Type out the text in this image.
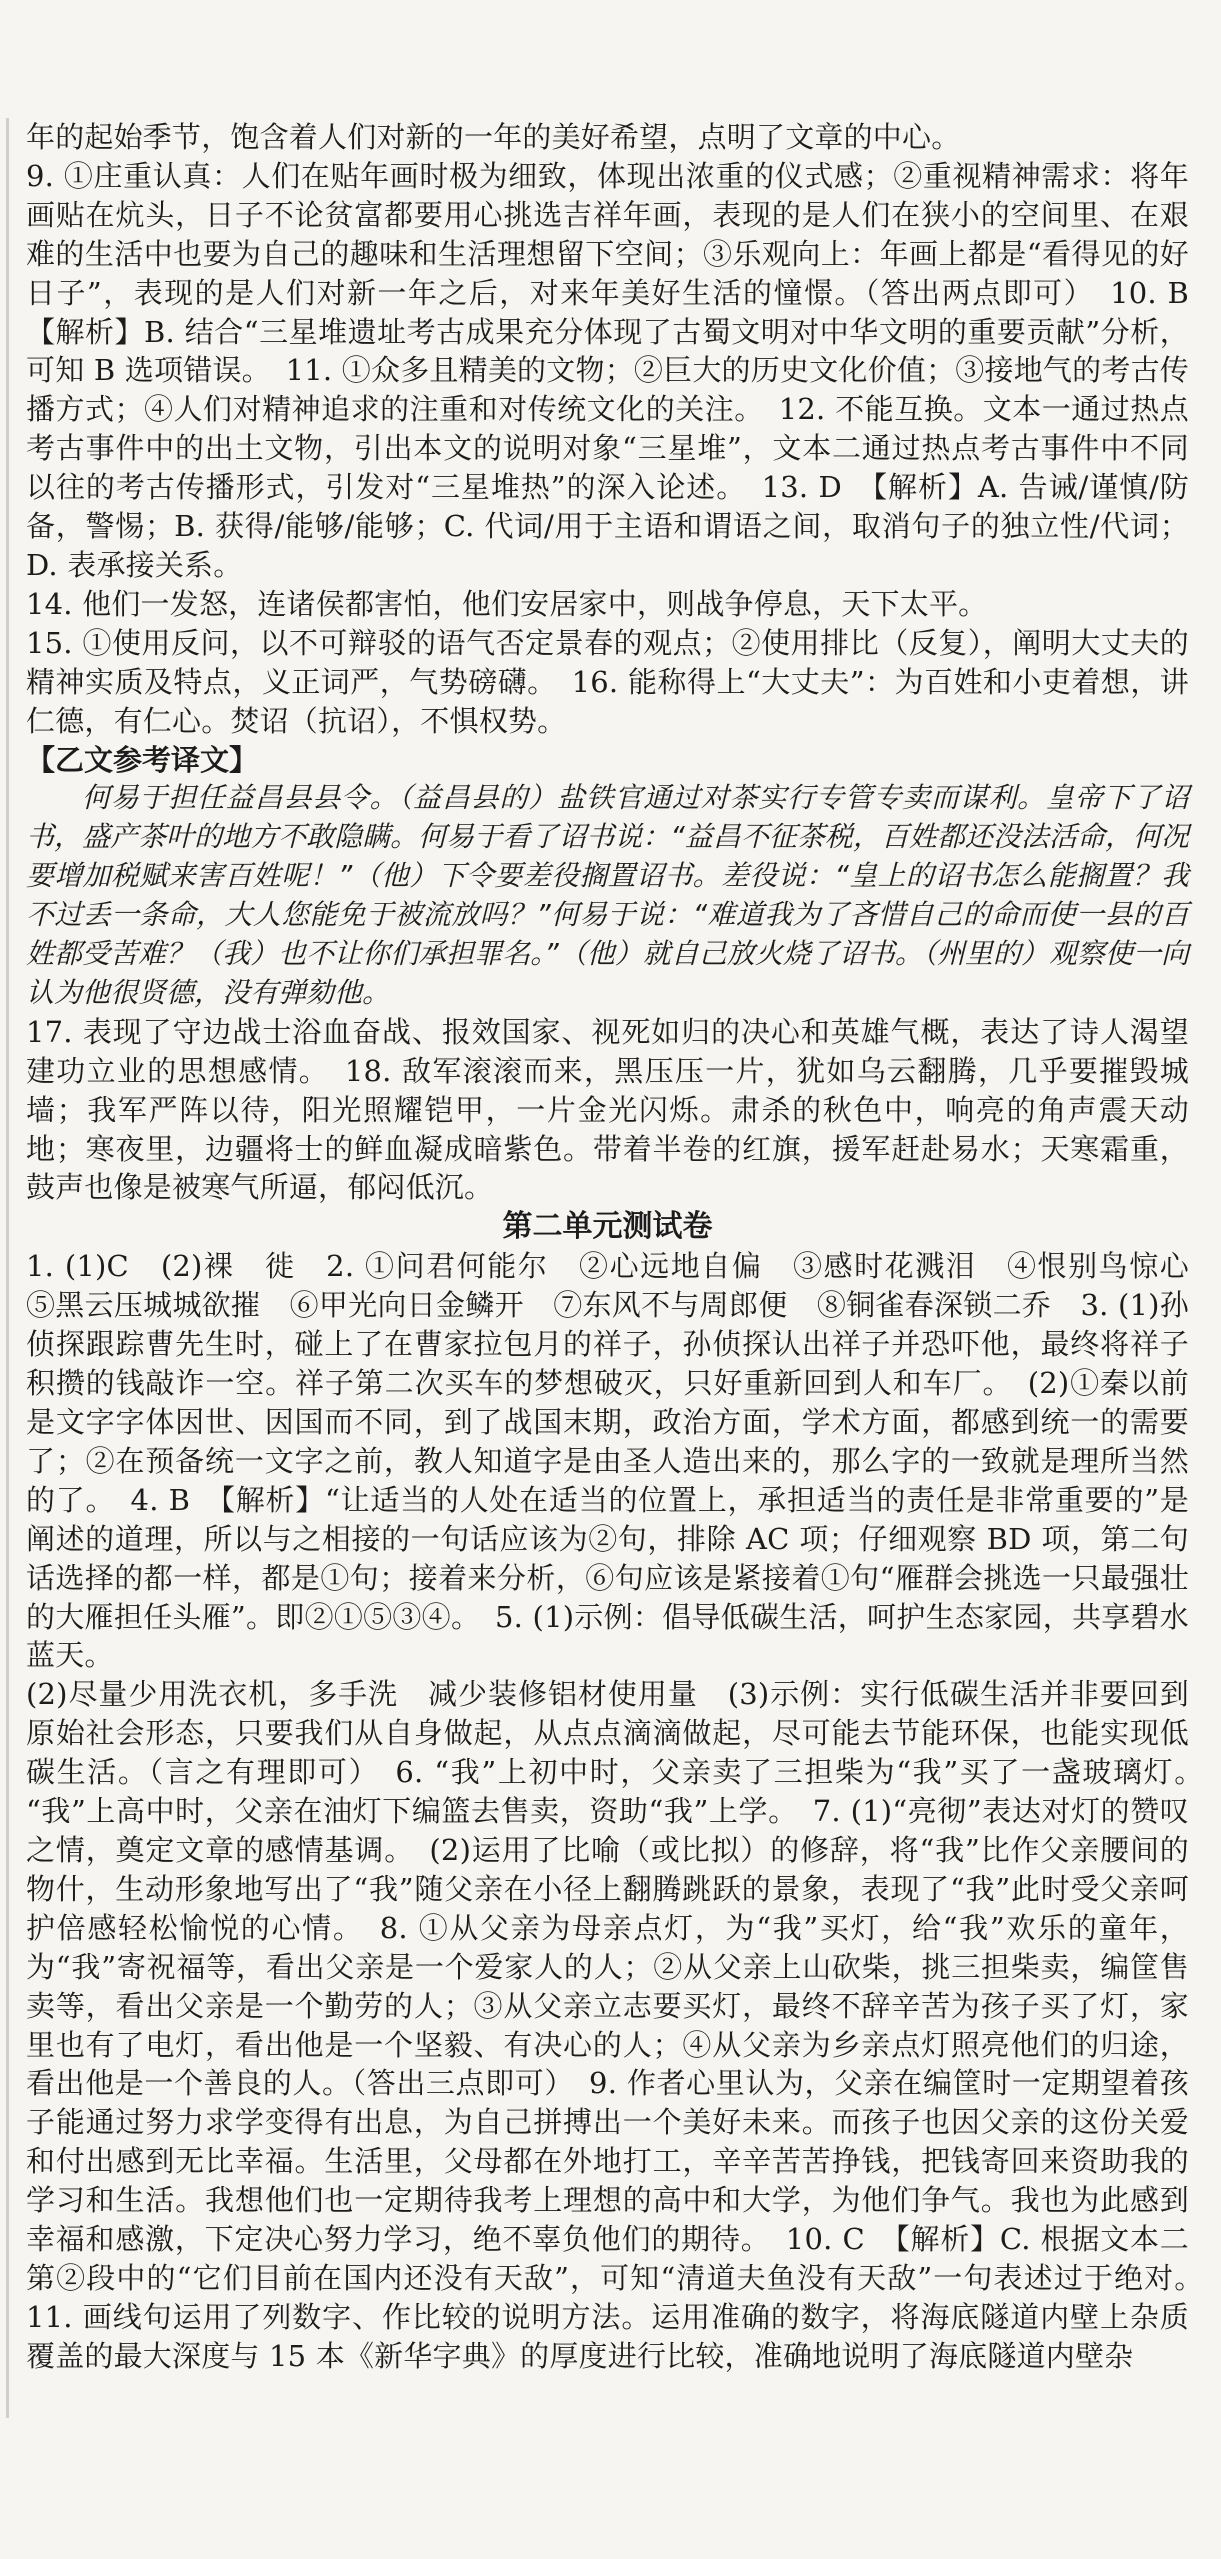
年的起始季节，饱含着人们对新的一年的美好希望，点明了文章的中心。

9. ①庄重认真：人们在贴年画时极为细致，体现出浓重的仪式感；②重视精神需求：将年画贴在炕头，日子不论贫富都要用心挑选吉祥年画，表现的是人们在狭小的空间里、在艰难的生活中也要为自己的趣味和生活理想留下空间；③乐观向上：年画上都是“看得见的好日子”，表现的是人们对新一年之后，对来年美好生活的憧憬。（答出两点即可）　10. B　【解析】B. 结合“三星堆遗址考古成果充分体现了古蜀文明对中华文明的重要贡献”分析，可知 B 选项错误。　11. ①众多且精美的文物；②巨大的历史文化价值；③接地气的考古传播方式；④人们对精神追求的注重和对传统文化的关注。　12. 不能互换。文本一通过热点考古事件中的出土文物，引出本文的说明对象“三星堆”，文本二通过热点考古事件中不同以往的考古传播形式，引发对“三星堆热”的深入论述。　13. D　【解析】A. 告诫/谨慎/防备，警惕；B. 获得/能够/能够；C. 代词/用于主语和谓语之间，取消句子的独立性/代词；D. 表承接关系。

14. 他们一发怒，连诸侯都害怕，他们安居家中，则战争停息，天下太平。

15. ①使用反问，以不可辩驳的语气否定景春的观点；②使用排比（反复），阐明大丈夫的精神实质及特点，义正词严，气势磅礴。　16. 能称得上“大丈夫”：为百姓和小吏着想，讲仁德，有仁心。焚诏（抗诏），不惧权势。

【乙文参考译文】

何易于担任益昌县县令。（益昌县的）盐铁官通过对茶实行专管专卖而谋利。皇帝下了诏书，盛产茶叶的地方不敢隐瞒。何易于看了诏书说：“益昌不征茶税，百姓都还没法活命，何况要增加税赋来害百姓呢！”（他）下令要差役搁置诏书。差役说：“皇上的诏书怎么能搁置？我不过丢一条命，大人您能免于被流放吗？”何易于说：“难道我为了吝惜自己的命而使一县的百姓都受苦难？（我）也不让你们承担罪名。”（他）就自己放火烧了诏书。（州里的）观察使一向认为他很贤德，没有弹劾他。

17. 表现了守边战士浴血奋战、报效国家、视死如归的决心和英雄气概，表达了诗人渴望建功立业的思想感情。　18. 敌军滚滚而来，黑压压一片，犹如乌云翻腾，几乎要摧毁城墙；我军严阵以待，阳光照耀铠甲，一片金光闪烁。肃杀的秋色中，响亮的角声震天动地；寒夜里，边疆将士的鲜血凝成暗紫色。带着半卷的红旗，援军赶赴易水；天寒霜重，鼓声也像是被寒气所逼，郁闷低沉。

第二单元测试卷

1. (1)C　(2)裸　徙　2. ①问君何能尔　②心远地自偏　③感时花溅泪　④恨别鸟惊心　⑤黑云压城城欲摧　⑥甲光向日金鳞开　⑦东风不与周郎便　⑧铜雀春深锁二乔　3. (1)孙侦探跟踪曹先生时，碰上了在曹家拉包月的祥子，孙侦探认出祥子并恐吓他，最终将祥子积攒的钱敲诈一空。祥子第二次买车的梦想破灭，只好重新回到人和车厂。　(2)①秦以前是文字字体因世、因国而不同，到了战国末期，政治方面，学术方面，都感到统一的需要了；②在预备统一文字之前，教人知道字是由圣人造出来的，那么字的一致就是理所当然的了。　4. B　【解析】“让适当的人处在适当的位置上，承担适当的责任是非常重要的”是阐述的道理，所以与之相接的一句话应该为②句，排除 AC 项；仔细观察 BD 项，第二句话选择的都一样，都是①句；接着来分析，⑥句应该是紧接着①句“雁群会挑选一只最强壮的大雁担任头雁”。即②①⑤③④。　5. (1)示例：倡导低碳生活，呵护生态家园，共享碧水蓝天。

(2)尽量少用洗衣机，多手洗　减少装修铝材使用量　(3)示例：实行低碳生活并非要回到原始社会形态，只要我们从自身做起，从点点滴滴做起，尽可能去节能环保，也能实现低碳生活。（言之有理即可）　6. “我”上初中时，父亲卖了三担柴为“我”买了一盏玻璃灯。　“我”上高中时，父亲在油灯下编篮去售卖，资助“我”上学。　7. (1)“亮彻”表达对灯的赞叹之情，奠定文章的感情基调。　(2)运用了比喻（或比拟）的修辞，将“我”比作父亲腰间的物什，生动形象地写出了“我”随父亲在小径上翻腾跳跃的景象，表现了“我”此时受父亲呵护倍感轻松愉悦的心情。　8. ①从父亲为母亲点灯，为“我”买灯，给“我”欢乐的童年，为“我”寄祝福等，看出父亲是一个爱家人的人；②从父亲上山砍柴，挑三担柴卖，编筐售卖等，看出父亲是一个勤劳的人；③从父亲立志要买灯，最终不辞辛苦为孩子买了灯，家里也有了电灯，看出他是一个坚毅、有决心的人；④从父亲为乡亲点灯照亮他们的归途，看出他是一个善良的人。（答出三点即可）　9. 作者心里认为，父亲在编筐时一定期望着孩子能通过努力求学变得有出息，为自己拼搏出一个美好未来。而孩子也因父亲的这份关爱和付出感到无比幸福。生活里，父母都在外地打工，辛辛苦苦挣钱，把钱寄回来资助我的学习和生活。我想他们也一定期待我考上理想的高中和大学，为他们争气。我也为此感到幸福和感激，下定决心努力学习，绝不辜负他们的期待。　10. C　【解析】C. 根据文本二第②段中的“它们目前在国内还没有天敌”，可知“清道夫鱼没有天敌”一句表述过于绝对。　11. 画线句运用了列数字、作比较的说明方法。运用准确的数字，将海底隧道内壁上杂质覆盖的最大深度与 15 本《新华字典》的厚度进行比较，准确地说明了海底隧道内壁杂
